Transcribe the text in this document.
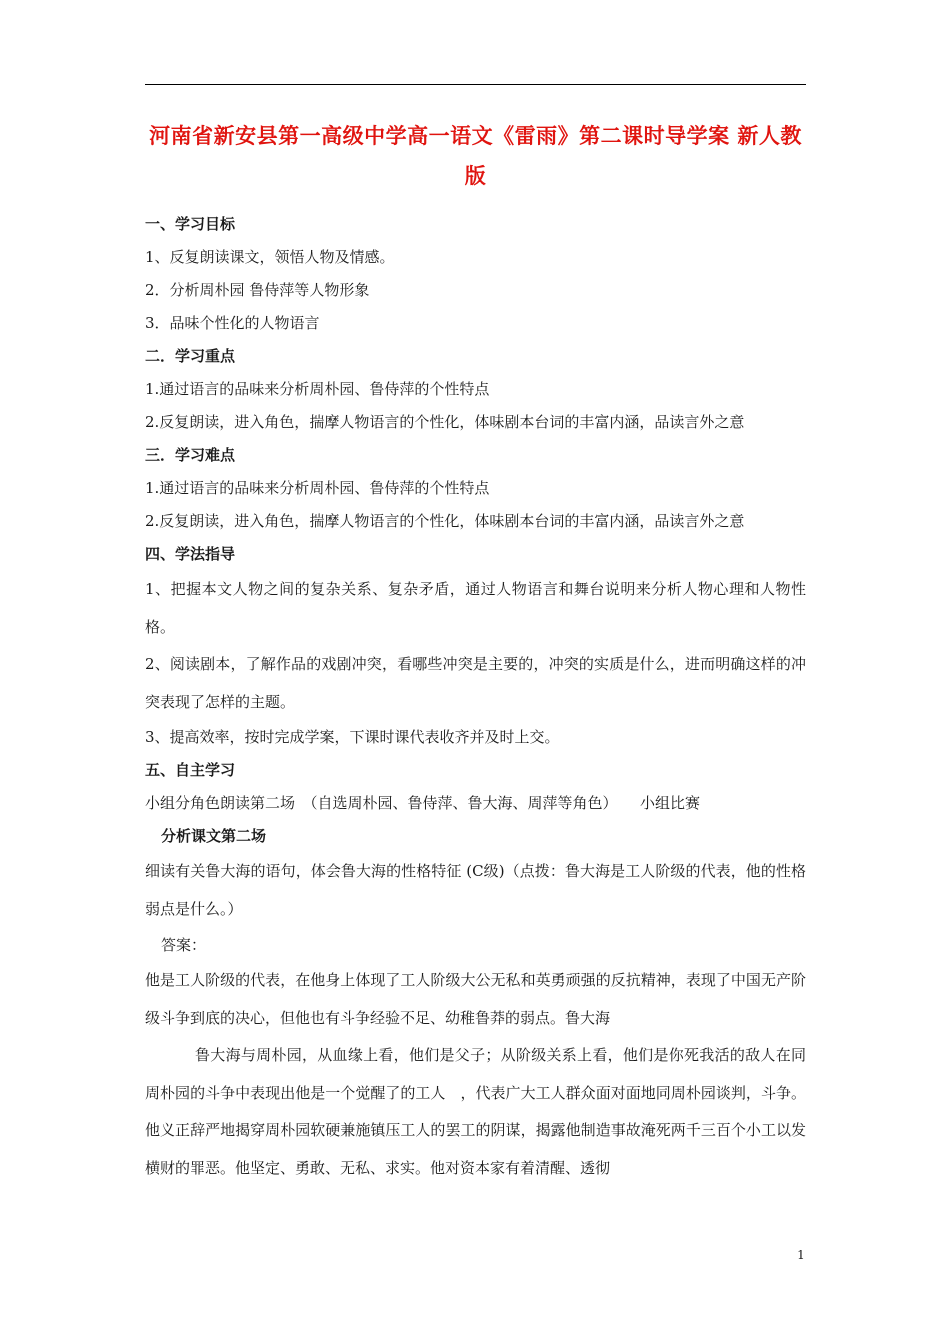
河南省新安县第一高级中学高一语文《雷雨》第二课时导学案 新人教版
一、学习目标
1、反复朗读课文，领悟人物及情感。
2．分析周朴园 鲁侍萍等人物形象
3．品味个性化的人物语言
二．学习重点
1.通过语言的品味来分析周朴园、鲁侍萍的个性特点
2.反复朗读，进入角色，揣摩人物语言的个性化，体味剧本台词的丰富内涵，品读言外之意
三．学习难点
1.通过语言的品味来分析周朴园、鲁侍萍的个性特点
2.反复朗读，进入角色，揣摩人物语言的个性化，体味剧本台词的丰富内涵，品读言外之意
四、学法指导

1、把握本文人物之间的复杂关系、复杂矛盾，通过人物语言和舞台说明来分析人物心理和人物性格。

2、阅读剧本，了解作品的戏剧冲突，看哪些冲突是主要的，冲突的实质是什么，进而明确这样的冲突表现了怎样的主题。

3、提高效率，按时完成学案，下课时课代表收齐并及时上交。
五、自主学习
小组分角色朗读第二场　（自选周朴园、鲁侍萍、鲁大海、周萍等角色）　　小组比赛
分析课文第二场

细读有关鲁大海的语句，体会鲁大海的性格特征 (C级)（点拨：鲁大海是工人阶级的代表，他的性格弱点是什么。）

答案：

他是工人阶级的代表，在他身上体现了工人阶级大公无私和英勇顽强的反抗精神，表现了中国无产阶级斗争到底的决心，但他也有斗争经验不足、幼稚鲁莽的弱点。鲁大海

鲁大海与周朴园，从血缘上看，他们是父子；从阶级关系上看，他们是你死我活的敌人在同周朴园的斗争中表现出他是一个觉醒了的工人　，代表广大工人群众面对面地同周朴园谈判，斗争。他义正辞严地揭穿周朴园软硬兼施镇压工人的罢工的阴谋，揭露他制造事故淹死两千三百个小工以发横财的罪恶。他坚定、勇敢、无私、求实。他对资本家有着清醒、透彻

1
